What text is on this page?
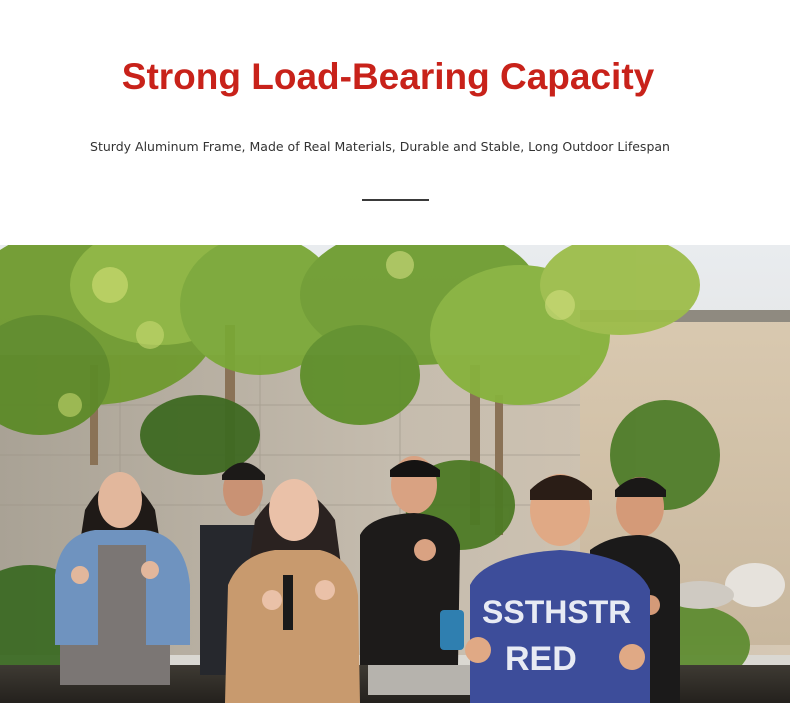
Strong Load-Bearing Capacity

Sturdy Aluminum Frame, Made of Real Materials, Durable and Stable, Long Outdoor Lifespan

SSTHSTR
RED
